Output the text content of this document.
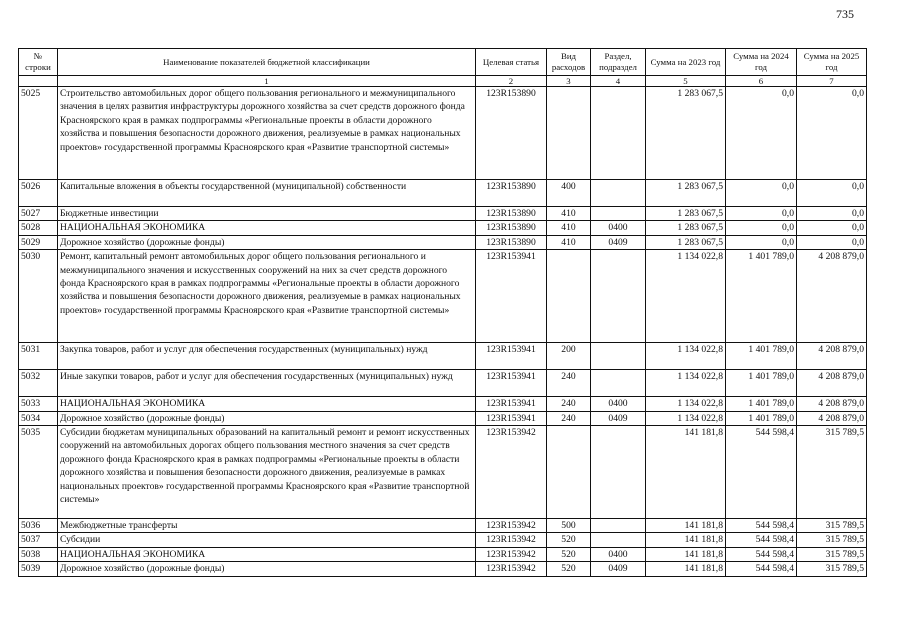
735
№ строки	Наименование показателей бюджетной классификации	Целевая статья	Вид расходов	Раздел, подраздел	Сумма на 2023 год	Сумма на 2024 год	Сумма на 2025 год
	1	2	3	4	5	6	7
5025	Строительство автомобильных дорог общего пользования регионального и межмуниципального значения в целях развития инфраструктуры дорожного хозяйства за счет средств дорожного фонда Красноярского края в рамках подпрограммы «Региональные проекты в области дорожного хозяйства и повышения безопасности дорожного движения, реализуемые в рамках национальных проектов» государственной программы Красноярского края «Развитие транспортной системы»	123R153890			1 283 067,5	0,0	0,0
5026	Капитальные вложения в объекты государственной (муниципальной) собственности	123R153890	400		1 283 067,5	0,0	0,0
5027	Бюджетные инвестиции	123R153890	410		1 283 067,5	0,0	0,0
5028	НАЦИОНАЛЬНАЯ ЭКОНОМИКА	123R153890	410	0400	1 283 067,5	0,0	0,0
5029	Дорожное хозяйство (дорожные фонды)	123R153890	410	0409	1 283 067,5	0,0	0,0
5030	Ремонт, капитальный ремонт автомобильных дорог общего пользования регионального и межмуниципального значения и искусственных сооружений на них за счет средств дорожного фонда Красноярского края в рамках подпрограммы «Региональные проекты в области дорожного хозяйства и повышения безопасности дорожного движения, реализуемые в рамках национальных проектов» государственной программы Красноярского края «Развитие транспортной системы»	123R153941			1 134 022,8	1 401 789,0	4 208 879,0
5031	Закупка товаров, работ и услуг для обеспечения государственных (муниципальных) нужд	123R153941	200		1 134 022,8	1 401 789,0	4 208 879,0
5032	Иные закупки товаров, работ и услуг для обеспечения государственных (муниципальных) нужд	123R153941	240		1 134 022,8	1 401 789,0	4 208 879,0
5033	НАЦИОНАЛЬНАЯ ЭКОНОМИКА	123R153941	240	0400	1 134 022,8	1 401 789,0	4 208 879,0
5034	Дорожное хозяйство (дорожные фонды)	123R153941	240	0409	1 134 022,8	1 401 789,0	4 208 879,0
5035	Субсидии бюджетам муниципальных образований на капитальный ремонт и ремонт искусственных сооружений на автомобильных дорогах общего пользования местного значения за счет средств дорожного фонда Красноярского края в рамках подпрограммы «Региональные проекты в области дорожного хозяйства и повышения безопасности дорожного движения, реализуемые в рамках национальных проектов» государственной программы Красноярского края «Развитие транспортной системы»	123R153942			141 181,8	544 598,4	315 789,5
5036	Межбюджетные трансферты	123R153942	500		141 181,8	544 598,4	315 789,5
5037	Субсидии	123R153942	520		141 181,8	544 598,4	315 789,5
5038	НАЦИОНАЛЬНАЯ ЭКОНОМИКА	123R153942	520	0400	141 181,8	544 598,4	315 789,5
5039	Дорожное хозяйство (дорожные фонды)	123R153942	520	0409	141 181,8	544 598,4	315 789,5
